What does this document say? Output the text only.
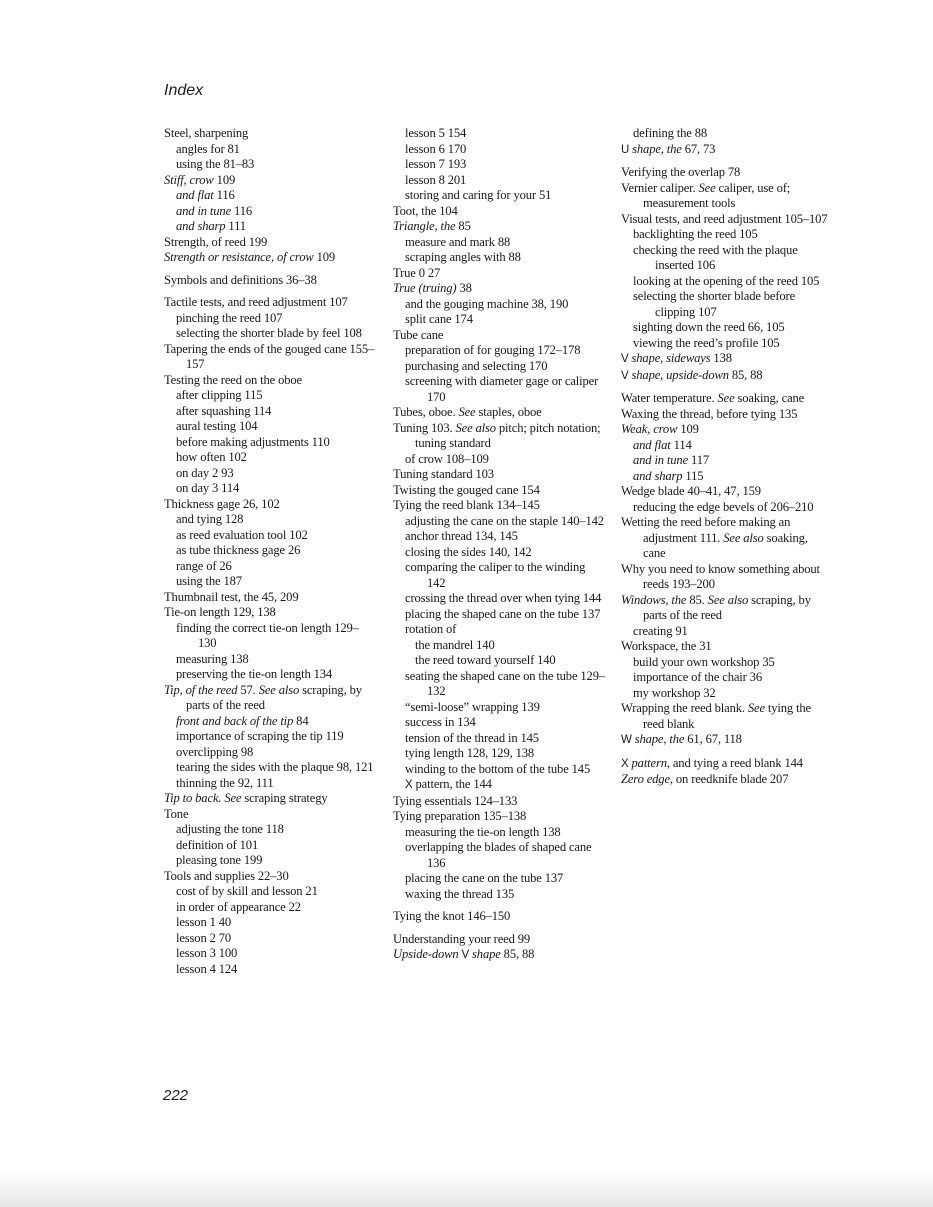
Index

Steel, sharpening

angles for 81

using the 81–83

Stiff, crow 109

and flat 116

and in tune 116

and sharp 111

Strength, of reed 199

Strength or resistance, of crow 109

Symbols and definitions 36–38

Tactile tests, and reed adjustment 107

pinching the reed 107

selecting the shorter blade by feel 108

Tapering the ends of the gouged cane 155–157

Testing the reed on the oboe

after clipping 115

after squashing 114

aural testing 104

before making adjustments 110

how often 102

on day 2 93

on day 3 114

Thickness gage 26, 102

and tying 128

as reed evaluation tool 102

as tube thickness gage 26

range of 26

using the 187

Thumbnail test, the 45, 209

Tie-on length 129, 138

finding the correct tie-on length 129–130

measuring 138

preserving the tie-on length 134

Tip, of the reed 57. See also scraping, by parts of the reed

front and back of the tip 84

importance of scraping the tip 119

overclipping 98

tearing the sides with the plaque 98, 121

thinning the 92, 111

Tip to back. See scraping strategy

Tone

adjusting the tone 118

definition of 101

pleasing tone 199

Tools and supplies 22–30

cost of by skill and lesson 21

in order of appearance 22

lesson 1 40

lesson 2 70

lesson 3 100

lesson 4 124

lesson 5 154

lesson 6 170

lesson 7 193

lesson 8 201

storing and caring for your 51

Toot, the 104

Triangle, the 85

measure and mark 88

scraping angles with 88

True 0 27

True (truing) 38

and the gouging machine 38, 190

split cane 174

Tube cane

preparation of for gouging 172–178

purchasing and selecting 170

screening with diameter gage or caliper 170

Tubes, oboe. See staples, oboe

Tuning 103. See also pitch; pitch notation; tuning standard

of crow 108–109

Tuning standard 103

Twisting the gouged cane 154

Tying the reed blank 134–145

adjusting the cane on the staple 140–142

anchor thread 134, 145

closing the sides 140, 142

comparing the caliper to the winding 142

crossing the thread over when tying 144

placing the shaped cane on the tube 137

rotation of

the mandrel 140

the reed toward yourself 140

seating the shaped cane on the tube 129–132

“semi-loose” wrapping 139

success in 134

tension of the thread in 145

tying length 128, 129, 138

winding to the bottom of the tube 145

X pattern, the 144

Tying essentials 124–133

Tying preparation 135–138

measuring the tie-on length 138

overlapping the blades of shaped cane 136

placing the cane on the tube 137

waxing the thread 135

Tying the knot 146–150

Understanding your reed 99

Upside-down V shape 85, 88

defining the 88

U shape, the 67, 73

Verifying the overlap 78

Vernier caliper. See caliper, use of; measurement tools

Visual tests, and reed adjustment 105–107

backlighting the reed 105

checking the reed with the plaque inserted 106

looking at the opening of the reed 105

selecting the shorter blade before clipping 107

sighting down the reed 66, 105

viewing the reed’s profile 105

V shape, sideways 138

V shape, upside-down 85, 88

Water temperature. See soaking, cane

Waxing the thread, before tying 135

Weak, crow 109

and flat 114

and in tune 117

and sharp 115

Wedge blade 40–41, 47, 159

reducing the edge bevels of 206–210

Wetting the reed before making an adjustment 111. See also soaking, cane

Why you need to know something about reeds 193–200

Windows, the 85. See also scraping, by parts of the reed

creating 91

Workspace, the 31

build your own workshop 35

importance of the chair 36

my workshop 32

Wrapping the reed blank. See tying the reed blank

W shape, the 61, 67, 118

X pattern, and tying a reed blank 144

Zero edge, on reedknife blade 207

222
